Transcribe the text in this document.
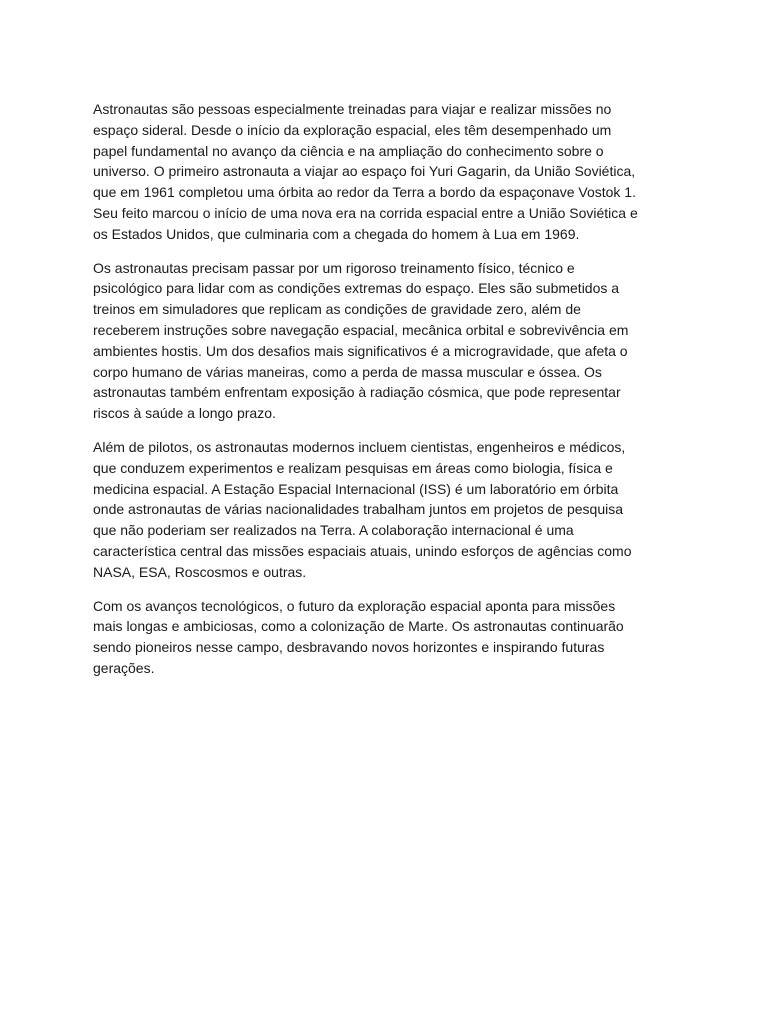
Astronautas são pessoas especialmente treinadas para viajar e realizar missões no
espaço sideral. Desde o início da exploração espacial, eles têm desempenhado um
papel fundamental no avanço da ciência e na ampliação do conhecimento sobre o
universo. O primeiro astronauta a viajar ao espaço foi Yuri Gagarin, da União Soviética,
que em 1961 completou uma órbita ao redor da Terra a bordo da espaçonave Vostok 1.
Seu feito marcou o início de uma nova era na corrida espacial entre a União Soviética e
os Estados Unidos, que culminaria com a chegada do homem à Lua em 1969.

Os astronautas precisam passar por um rigoroso treinamento físico, técnico e
psicológico para lidar com as condições extremas do espaço. Eles são submetidos a
treinos em simuladores que replicam as condições de gravidade zero, além de
receberem instruções sobre navegação espacial, mecânica orbital e sobrevivência em
ambientes hostis. Um dos desafios mais significativos é a microgravidade, que afeta o
corpo humano de várias maneiras, como a perda de massa muscular e óssea. Os
astronautas também enfrentam exposição à radiação cósmica, que pode representar
riscos à saúde a longo prazo.

Além de pilotos, os astronautas modernos incluem cientistas, engenheiros e médicos,
que conduzem experimentos e realizam pesquisas em áreas como biologia, física e
medicina espacial. A Estação Espacial Internacional (ISS) é um laboratório em órbita
onde astronautas de várias nacionalidades trabalham juntos em projetos de pesquisa
que não poderiam ser realizados na Terra. A colaboração internacional é uma
característica central das missões espaciais atuais, unindo esforços de agências como
NASA, ESA, Roscosmos e outras.

Com os avanços tecnológicos, o futuro da exploração espacial aponta para missões
mais longas e ambiciosas, como a colonização de Marte. Os astronautas continuarão
sendo pioneiros nesse campo, desbravando novos horizontes e inspirando futuras
gerações.
